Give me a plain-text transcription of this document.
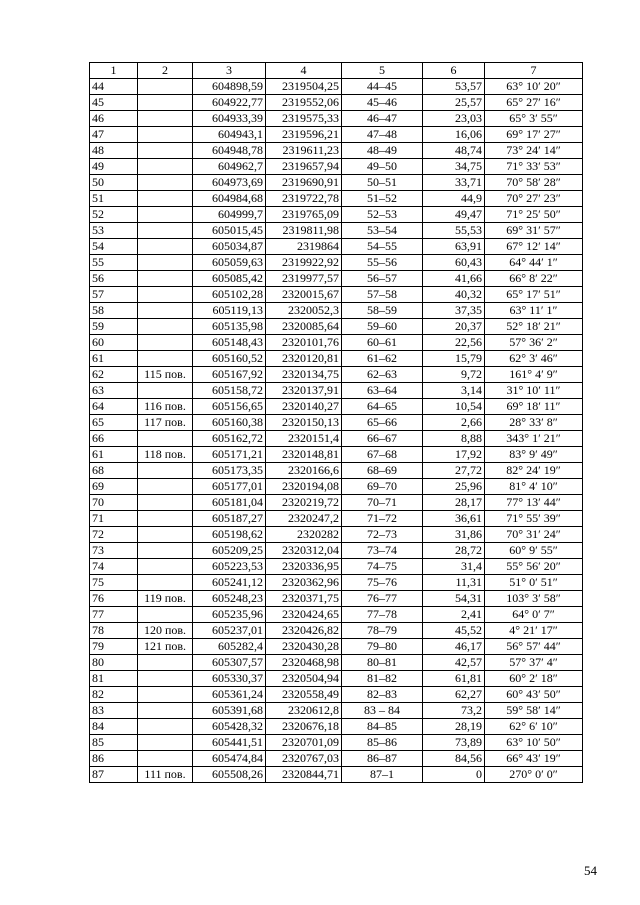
1	2	3	4	5	6	7
44		604898,59	2319504,25	44–45	53,57	63° 10′ 20″
45		604922,77	2319552,06	45–46	25,57	65° 27′ 16″
46		604933,39	2319575,33	46–47	23,03	65° 3′ 55″
47		604943,1	2319596,21	47–48	16,06	69° 17′ 27″
48		604948,78	2319611,23	48–49	48,74	73° 24′ 14″
49		604962,7	2319657,94	49–50	34,75	71° 33′ 53″
50		604973,69	2319690,91	50–51	33,71	70° 58′ 28″
51		604984,68	2319722,78	51–52	44,9	70° 27′ 23″
52		604999,7	2319765,09	52–53	49,47	71° 25′ 50″
53		605015,45	2319811,98	53–54	55,53	69° 31′ 57″
54		605034,87	2319864	54–55	63,91	67° 12′ 14″
55		605059,63	2319922,92	55–56	60,43	64° 44′ 1″
56		605085,42	2319977,57	56–57	41,66	66° 8′ 22″
57		605102,28	2320015,67	57–58	40,32	65° 17′ 51″
58		605119,13	2320052,3	58–59	37,35	63° 11′ 1″
59		605135,98	2320085,64	59–60	20,37	52° 18′ 21″
60		605148,43	2320101,76	60–61	22,56	57° 36′ 2″
61		605160,52	2320120,81	61–62	15,79	62° 3′ 46″
62	115 пов.	605167,92	2320134,75	62–63	9,72	161° 4′ 9″
63		605158,72	2320137,91	63–64	3,14	31° 10′ 11″
64	116 пов.	605156,65	2320140,27	64–65	10,54	69° 18′ 11″
65	117 пов.	605160,38	2320150,13	65–66	2,66	28° 33′ 8″
66		605162,72	2320151,4	66–67	8,88	343° 1′ 21″
61	118 пов.	605171,21	2320148,81	67–68	17,92	83° 9′ 49″
68		605173,35	2320166,6	68–69	27,72	82° 24′ 19″
69		605177,01	2320194,08	69–70	25,96	81° 4′ 10″
70		605181,04	2320219,72	70–71	28,17	77° 13′ 44″
71		605187,27	2320247,2	71–72	36,61	71° 55′ 39″
72		605198,62	2320282	72–73	31,86	70° 31′ 24″
73		605209,25	2320312,04	73–74	28,72	60° 9′ 55″
74		605223,53	2320336,95	74–75	31,4	55° 56′ 20″
75		605241,12	2320362,96	75–76	11,31	51° 0′ 51″
76	119 пов.	605248,23	2320371,75	76–77	54,31	103° 3′ 58″
77		605235,96	2320424,65	77–78	2,41	64° 0′ 7″
78	120 пов.	605237,01	2320426,82	78–79	45,52	4° 21′ 17″
79	121 пов.	605282,4	2320430,28	79–80	46,17	56° 57′ 44″
80		605307,57	2320468,98	80–81	42,57	57° 37′ 4″
81		605330,37	2320504,94	81–82	61,81	60° 2′ 18″
82		605361,24	2320558,49	82–83	62,27	60° 43′ 50″
83		605391,68	2320612,8	83 – 84	73,2	59° 58′ 14″
84		605428,32	2320676,18	84–85	28,19	62° 6′ 10″
85		605441,51	2320701,09	85–86	73,89	63° 10′ 50″
86		605474,84	2320767,03	86–87	84,56	66° 43′ 19″
87	111 пов.	605508,26	2320844,71	87–1	0	270° 0′ 0″
54
